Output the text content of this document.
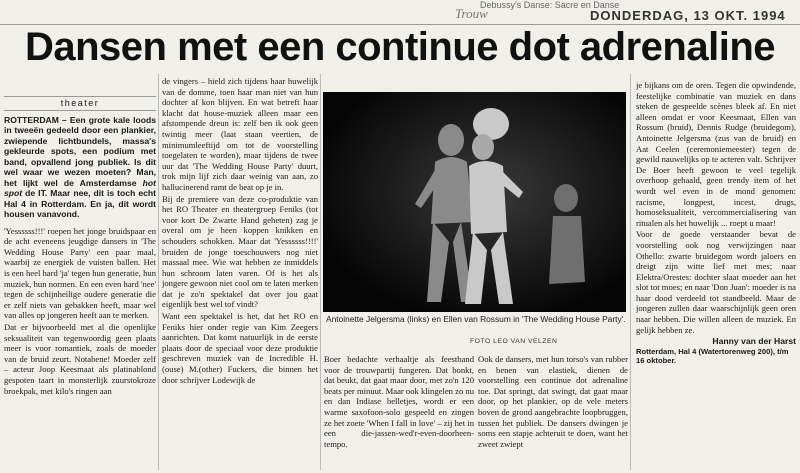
Debussy's Danse: Sacre en Danse
Trouw	DONDERDAG, 13 OKT. 1994
Dansen met een continue dot adrenaline
theater
ROTTERDAM – Een grote kale loods in tweeën gedeeld door een plankier, zwiepende lichtbundels, massa's gekleurde spots, een podium met band, opvallend jong publiek. Is dit wel waar we wezen moeten? Man, het lijkt wel de Amsterdamse hot spot de IT. Maar nee, dit is toch echt Hal 4 in Rotterdam. En ja, dit wordt housen vanavond.

'Yessssss!!!' roepen het jonge bruidspaar en de acht eveneens jeugdige dansers in 'The Wedding House Party' een paar maal, waarbij ze energiek de vuisten ballen. Het is een heel hard 'ja' tegen hun generatie, hun muziek, hun normen. En een even hard 'nee' tegen de schijnheilige oudere generatie die er zelf niets van gebakken heeft, maar wel van alles op jongeren heeft aan te merken.

Dat er bijvoorbeeld met al die openlijke seksualiteit van tegenwoordig geen plaats meer is voor romantiek, zoals de moeder van de bruid zeurt. Notabene! Moeder zelf – acteur Joop Keesmaat als platinablond gespoten taart in monsterlijk zuurstokroze broekpak, met kilo's ringen aan

de vingers – hield zich tijdens haar huwelijk van de domme, toen haar man niet van hun dochter af kon blijven. En wat betreft haar klacht dat house-muziek alleen maar een afstompende dreun is: zelf ben ik ook geen twintig meer (laat staan veertien, de minimumleeftijd om tot de voorstelling toegelaten te worden), maar tijdens de twee uur dat 'The Wedding House Party' duurt, trok mijn lijf zich daar weinig van aan, zo hallucinerend ramt de beat op je in.

Bij de premiere van deze co-produktie van het RO Theater en theatergroep Feniks (tot voor kort De Zwarte Hand geheten) zag je overal om je heen koppen knikken en schouders schokken. Maar dat 'Yessssss!!!!' bruiden de jonge toeschouwers nog niet massaal mee. Wie wat hebben ze inmiddels hun schroom laten varen. Of is het als jongere gewoon niet cool om te laten merken dat je zo'n spektakel dat over jou gaat eigenlijk best wel tof vindt?

Want een spektakel is het, dat het RO en Feniks hier onder regie van Kim Zeegers aanrichten. Dat komt natuurlijk in de eerste plaats door de speciaal voor deze produktie geschreven muziek van de Incredible H.(ouse) M.(other) Fuckers, die binnen het door schrijver Lodewijk de

Antoinette Jelgersma (links) en Ellen van Rossum in 'The Wedding House Party'.
FOTO LEO VAN VELZEN

Boer bedachte verhaaltje als feestband voor de trouwpartij fungeren. Dat bonkt, dat beukt, dat gaat maar door, met zo'n 120 beats per minuut. Maar ook klingelen zo nu en dan Indiase belletjes, wordt er een warme saxofoon-solo gespeeld en zingen ze het zoete 'When I fall in love' – zij het in een die-jassen-wed'r-even-doorheen-tempo.

Ook de dansers, met hun torso's van rubber en benen van elastiek, dienen de voorstelling een continue dot adrenaline toe. Dat springt, dat swingt, dat gaat maar door, op het plankier, op de vele meters boven de grond aangebrachte loopbruggen, tussen het publiek. De dansers dwingen je soms een stapje achteruit te doen, want het zweet zwiept

je bijkans om de oren. Tegen die opwindende, feestelijke combinatie van muziek en dans steken de gespeelde scènes bleek af. En niet alleen omdat er voor Keesmaat, Ellen van Rossum (bruid), Dennis Rudge (bruidegom), Antoinette Jelgersma (zus van de bruid) en Aat Ceelen (ceremoniemeester) tegen de gewild nauwelijks op te acteren valt. Schrijver De Boer heeft gewoon te veel tegelijk overhoop gehaald, geen trendy item of het wordt wel even in de mond genomen: racisme, longpest, incest, drugs, homoseksualiteit, vercommercialisering van ritualen als het huwelijk ... roept u maar!

Voor de goede verstaander bevat de voorstelling ook nog verwijzingen naar Othello: zwarte bruidegom wordt jaloers en dreigt zijn witte lief met mes; naar Elektra/Orestes: dochter slaat moeder aan het slot tot moes; en naar 'Don Juan': moeder is na haar dood verdeeld tot standbeeld. Maar de jongeren zullen daar waarschijnlijk geen oren naar hebben. Die willen alleen de muziek. En gelijk hebben ze.

Hanny van der Harst
Rotterdam, Hal 4 (Watertorenweg 200), t/m 16 oktober.
